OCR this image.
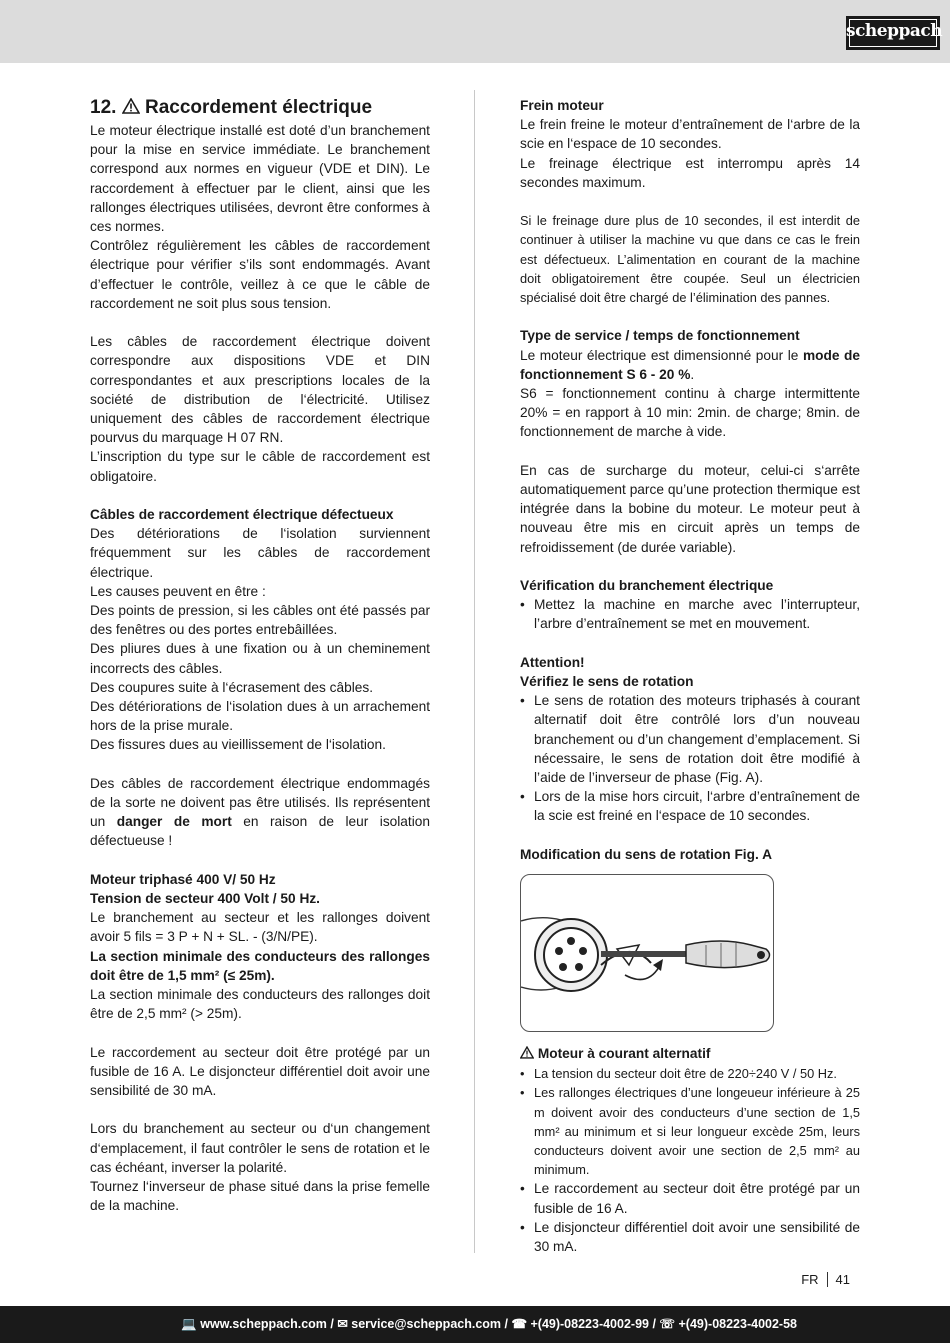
scheppach

12. Raccordement électrique

Le moteur électrique installé est doté d’un branchement pour la mise en service immédiate. Le branchement correspond aux normes en vigueur (VDE et DIN). Le raccordement à effectuer par le client, ainsi que les rallonges électriques utilisées, devront être conformes à ces normes.

Contrôlez régulièrement les câbles de raccordement électrique pour vérifier s’ils sont endommagés. Avant d’effectuer le contrôle, veillez à ce que le câble de raccordement ne soit plus sous tension.

Les câbles de raccordement électrique doivent correspondre aux dispositions VDE et DIN correspondantes et aux prescriptions locales de la société de distribution de l‘électricité. Utilisez uniquement des câbles de raccordement électrique pourvus du marquage H 07 RN.

L’inscription du type sur le câble de raccordement est obligatoire.

Câbles de raccordement électrique défectueux

Des détériorations de l‘isolation surviennent fréquemment sur les câbles de raccordement électrique.

Les causes peuvent en être :

Des points de pression, si les câbles ont été passés par des fenêtres ou des portes entrebâillées.

Des pliures dues à une fixation ou à un cheminement incorrects des câbles.

Des coupures suite à l‘écrasement des câbles.

Des détériorations de l‘isolation dues à un arrachement hors de la prise murale.

Des fissures dues au vieillissement de l‘isolation.

Des câbles de raccordement électrique endommagés de la sorte ne doivent pas être utilisés. Ils représentent un danger de mort en raison de leur isolation défectueuse !

Moteur triphasé 400 V/ 50 Hz

Tension de secteur 400 Volt / 50 Hz.

Le branchement au secteur et les rallonges doivent avoir 5 fils = 3 P + N + SL. - (3/N/PE).

La section minimale des conducteurs des rallonges doit être de 1,5 mm² (≤ 25m).

La section minimale des conducteurs des rallonges doit être de 2,5 mm² (> 25m).

Le raccordement au secteur doit être protégé par un fusible de 16 A. Le disjoncteur différentiel doit avoir une sensibilité de 30 mA.

Lors du branchement au secteur ou d‘un changement d‘emplacement, il faut contrôler le sens de rotation et le cas échéant, inverser la polarité.

Tournez l‘inverseur de phase situé dans la prise femelle de la machine.

Frein moteur

Le frein freine le moteur d’entraînement de l‘arbre de la scie en l‘espace de 10 secondes.

Le freinage électrique est interrompu après 14 secondes maximum.

Si le freinage dure plus de 10 secondes, il est interdit de continuer à utiliser la machine vu que dans ce cas le frein est défectueux. L’alimentation en courant de la machine doit obligatoirement être coupée. Seul un électricien spécialisé doit être chargé de l’élimination des pannes.

Type de service / temps de fonctionnement

Le moteur électrique est dimensionné pour le mode de fonctionnement S 6 - 20 %.

S6 = fonctionnement continu à charge intermittente 20% = en rapport à 10 min: 2min. de charge; 8min. de fonctionnement de marche à vide.

En cas de surcharge du moteur, celui-ci s‘arrête automatiquement parce qu’une protection thermique est intégrée dans la bobine du moteur. Le moteur peut à nouveau être mis en circuit après un temps de refroidissement (de durée variable).

Vérification du branchement électrique

• Mettez la machine en marche avec l’interrupteur, l’arbre d’entraînement se met en mouvement.

Attention!

Vérifiez le sens de rotation

• Le sens de rotation des moteurs triphasés à courant alternatif doit être contrôlé lors d’un nouveau branchement ou d’un changement d’emplacement. Si nécessaire, le sens de rotation doit être modifié à l’aide de l’inverseur de phase (Fig. A).
• Lors de la mise hors circuit, l‘arbre d’entraînement de la scie est freiné en l‘espace de 10 secondes.

Modification du sens de rotation Fig. A

Moteur à courant alternatif

• La tension du secteur doit être de 220÷240 V / 50 Hz.
• Les rallonges électriques d’une longeueur inférieure à 25 m doivent avoir des conducteurs d’une section de 1,5 mm² au minimum et si leur longueur excède 25m, leurs conducteurs doivent avoir une section de 2,5 mm² au minimum.
• Le raccordement au secteur doit être protégé par un fusible de 16 A.
• Le disjoncteur différentiel doit avoir une sensibilité de 30 mA.
FR 41
💻 www.scheppach.com / ✉ service@scheppach.com / ☎ +(49)-08223-4002-99 / ☏ +(49)-08223-4002-58
